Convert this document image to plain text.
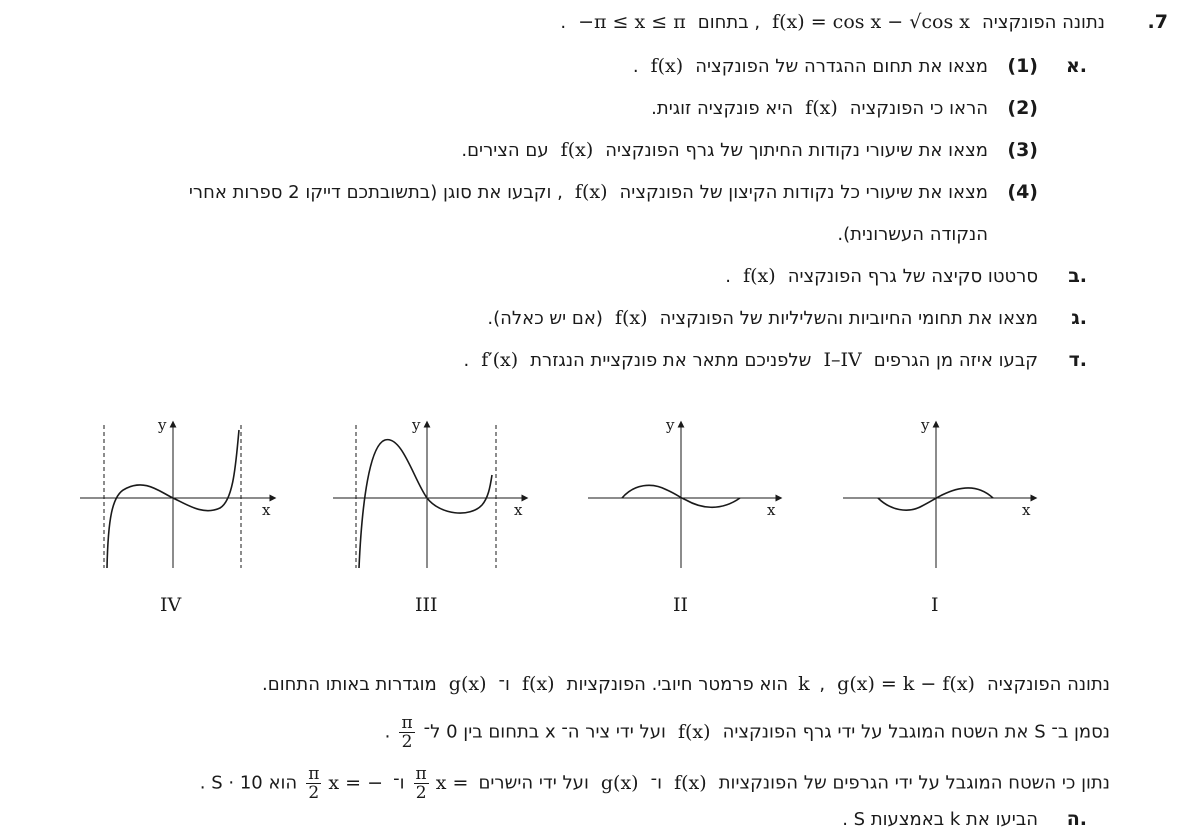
.7
נתונה הפונקציה f(x) = cos x − √cos x , בתחום −π ≤ x ≤ π .
א.
(1)
מצאו את תחום ההגדרה של הפונקציה f(x) .
(2)
הראו כי הפונקציה f(x) היא פונקציה זוגית.
(3)
מצאו את שיעורי נקודות החיתוך של גרף הפונקציה f(x) עם הצירים.
(4)
מצאו את שיעורי כל נקודות הקיצון של הפונקציה f(x) , וקבעו את סוגן (בתשובתכם דייקו 2 ספרות אחרי
הנקודה העשרונית).
ב.
סרטטו סקיצה של גרף הפונקציה f(x) .
ג.
מצאו את תחומי החיוביות והשליליות של הפונקציה f(x) (אם יש כאלה).
ד.
קבעו איזה מן הגרפים I–IV שלפניכם מתאר את פונקציית הנגזרת f′(x) .
y
x
y
x
y
x
y
x
IV	III	II	I
נתונה הפונקציה g(x) = k − f(x) , k הוא פרמטר חיובי. הפונקציות f(x) ו־ g(x) מוגדרות באותו התחום.
נסמן ב־ S את השטח המוגבל על ידי גרף הפונקציה f(x) ועל ידי ציר ה־ x בתחום בין 0 ל־
$\frac{\pi}{2}$
.
נתון כי השטח המוגבל על ידי הגרפים של הפונקציות f(x) ו־ g(x) ועל ידי הישרים x =
$\frac{\pi}{2}$
ו־ x = −
$\frac{\pi}{2}$
הוא 10 · S .
ה.
הביעו את k באמצעות S .
